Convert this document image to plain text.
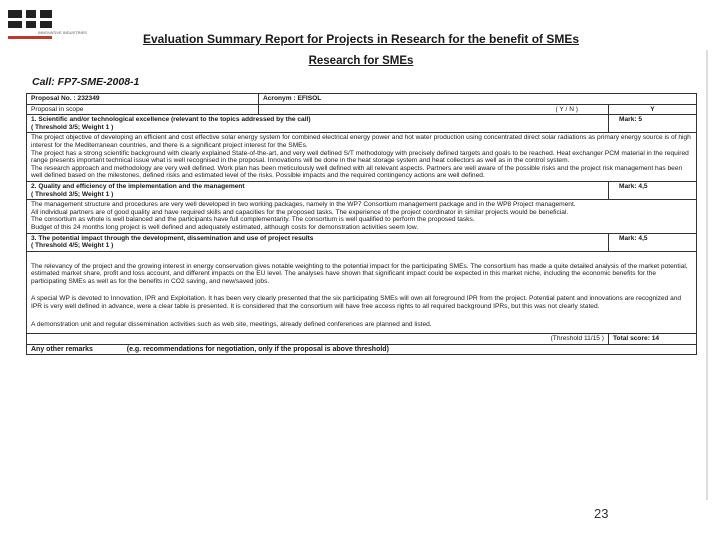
INNOVATIVE INDUSTRIES	Evaluation Summary Report for Projects in Research for the benefit of SMEs
Research for SMEs
Call: FP7-SME-2008-1
Proposal No. : 232349	Acronym : EFISOL	
Proposal in scope	( Y / N )	Y

1. Scientific and/or technological excellence (relevant to the topics addressed by the call)
( Threshold 3/5; Weight 1 )		Mark: 5

The project objective of developing an efficient and cost effective solar energy system for combined electrical energy power and hot water production using concentrated direct solar radiations as primary energy source is of high interest for the Mediterranean countries, and there is a significant project interest for the SMEs.

The project has a strong scientific background with clearly explained State-of-the-art, and very well defined S/T methodology with precisely defined targets and goals to be reached. Heat exchanger PCM material in the required range presents important technical issue what is well recognised in the proposal. Innovations will be done in the heat storage system and heat collectors as well as in the control system.

The research approach and methodology are very well defined. Work plan has been meticulously well defined with all relevant aspects. Partners are well aware of the possible risks and the project risk management has been well defined based on the milestones, defined risks and estimated level of the risks. Possible impacts and the required contingency actions are well defined.		

2. Quality and efficiency of the implementation and the management
( Threshold 3/5; Weight 1 )		Mark: 4,5

The management structure and procedures are very well developed in two working packages, namely in the WP7 Consortium management package and in the WP8 Project management.

All individual partners are of good quality and have required skills and capacities for the proposed tasks. The experience of the project coordinator in similar projects would be beneficial.

The consortium as whole is well balanced and the participants have full complementarity. The consortium is well qualified to perform the proposed tasks.

Budget of this 24 months long project is well defined and adequately estimated, although costs for demonstration activities seem low.		

3. The potential impact through the development, dissemination and use of project results
( Threshold 4/5; Weight 1 )		Mark: 4,5

The relevancy of the project and the growing interest in energy conservation gives notable weighting to the potential impact for the participating SMEs. The consortium has made a quite detailed analysis of the market potential, estimated market share, profit and loss account, and different impacts on the EU level. The analyses have shown that significant impact could be expected in this market niche, including the economic benefits for the participating SMEs as well as for the benefits in CO2 saving, and new/saved jobs.

A special WP is devoted to Innovation, IPR and Exploitation. It has been very clearly presented that the six participating SMEs will own all foreground IPR from the project. Potential patent and innovations are recognized and IPR is very well defined in advance, were a clear table is presented. It is considered that the consortium will have free access rights to all required background IPRs, but this was not clearly stated.

A demonstration unit and regular dissemination activities such as web site, meetings, already defined conferences are planned and listed.		

(Threshold 11/15 )		Total score: 14
Any other remarks (e.g. recommendations for negotiation, only if the proposal is above threshold)		
23
